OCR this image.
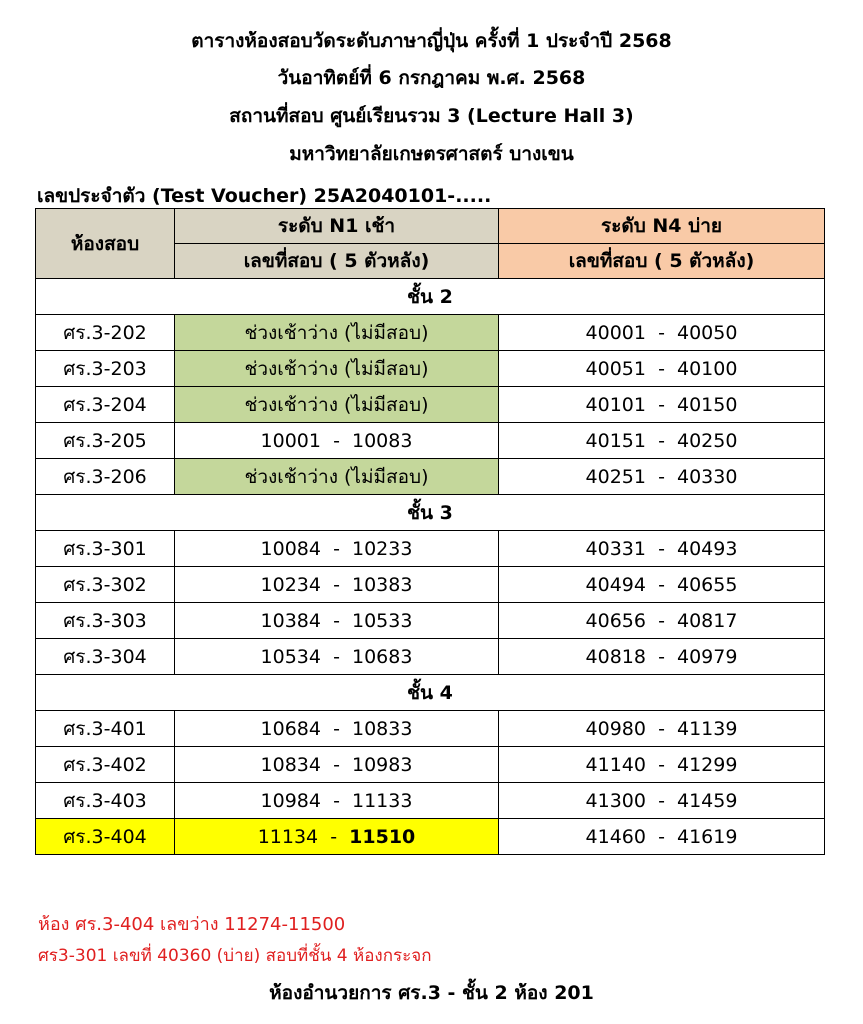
ตารางห้องสอบวัดระดับภาษาญี่ปุ่น ครั้งที่ 1 ประจำปี 2568
วันอาทิตย์ที่ 6 กรกฎาคม พ.ศ. 2568
สถานที่สอบ ศูนย์เรียนรวม 3 (Lecture Hall 3)
มหาวิทยาลัยเกษตรศาสตร์ บางเขน
เลขประจำตัว (Test Voucher) 25A2040101-.....
ห้องสอบ	ระดับ N1 เช้า	ระดับ N4 บ่าย
	เลขที่สอบ ( 5 ตัวหลัง)	เลขที่สอบ ( 5 ตัวหลัง)
ชั้น 2		
ศร.3-202	ช่วงเช้าว่าง (ไม่มีสอบ)	40001  -  40050
ศร.3-203	ช่วงเช้าว่าง (ไม่มีสอบ)	40051  -  40100
ศร.3-204	ช่วงเช้าว่าง (ไม่มีสอบ)	40101  -  40150
ศร.3-205	10001  -  10083	40151  -  40250
ศร.3-206	ช่วงเช้าว่าง (ไม่มีสอบ)	40251  -  40330
ชั้น 3		
ศร.3-301	10084  -  10233	40331  -  40493
ศร.3-302	10234  -  10383	40494  -  40655
ศร.3-303	10384  -  10533	40656  -  40817
ศร.3-304	10534  -  10683	40818  -  40979
ชั้น 4		
ศร.3-401	10684  -  10833	40980  -  41139
ศร.3-402	10834  -  10983	41140  -  41299
ศร.3-403	10984  -  11133	41300  -  41459
ศร.3-404	11134  -  11510	41460  -  41619
ห้อง ศร.3-404 เลขว่าง 11274-11500
ศร3-301 เลขที่ 40360 (บ่าย) สอบที่ชั้น 4 ห้องกระจก
ห้องอำนวยการ ศร.3 - ชั้น 2 ห้อง 201
